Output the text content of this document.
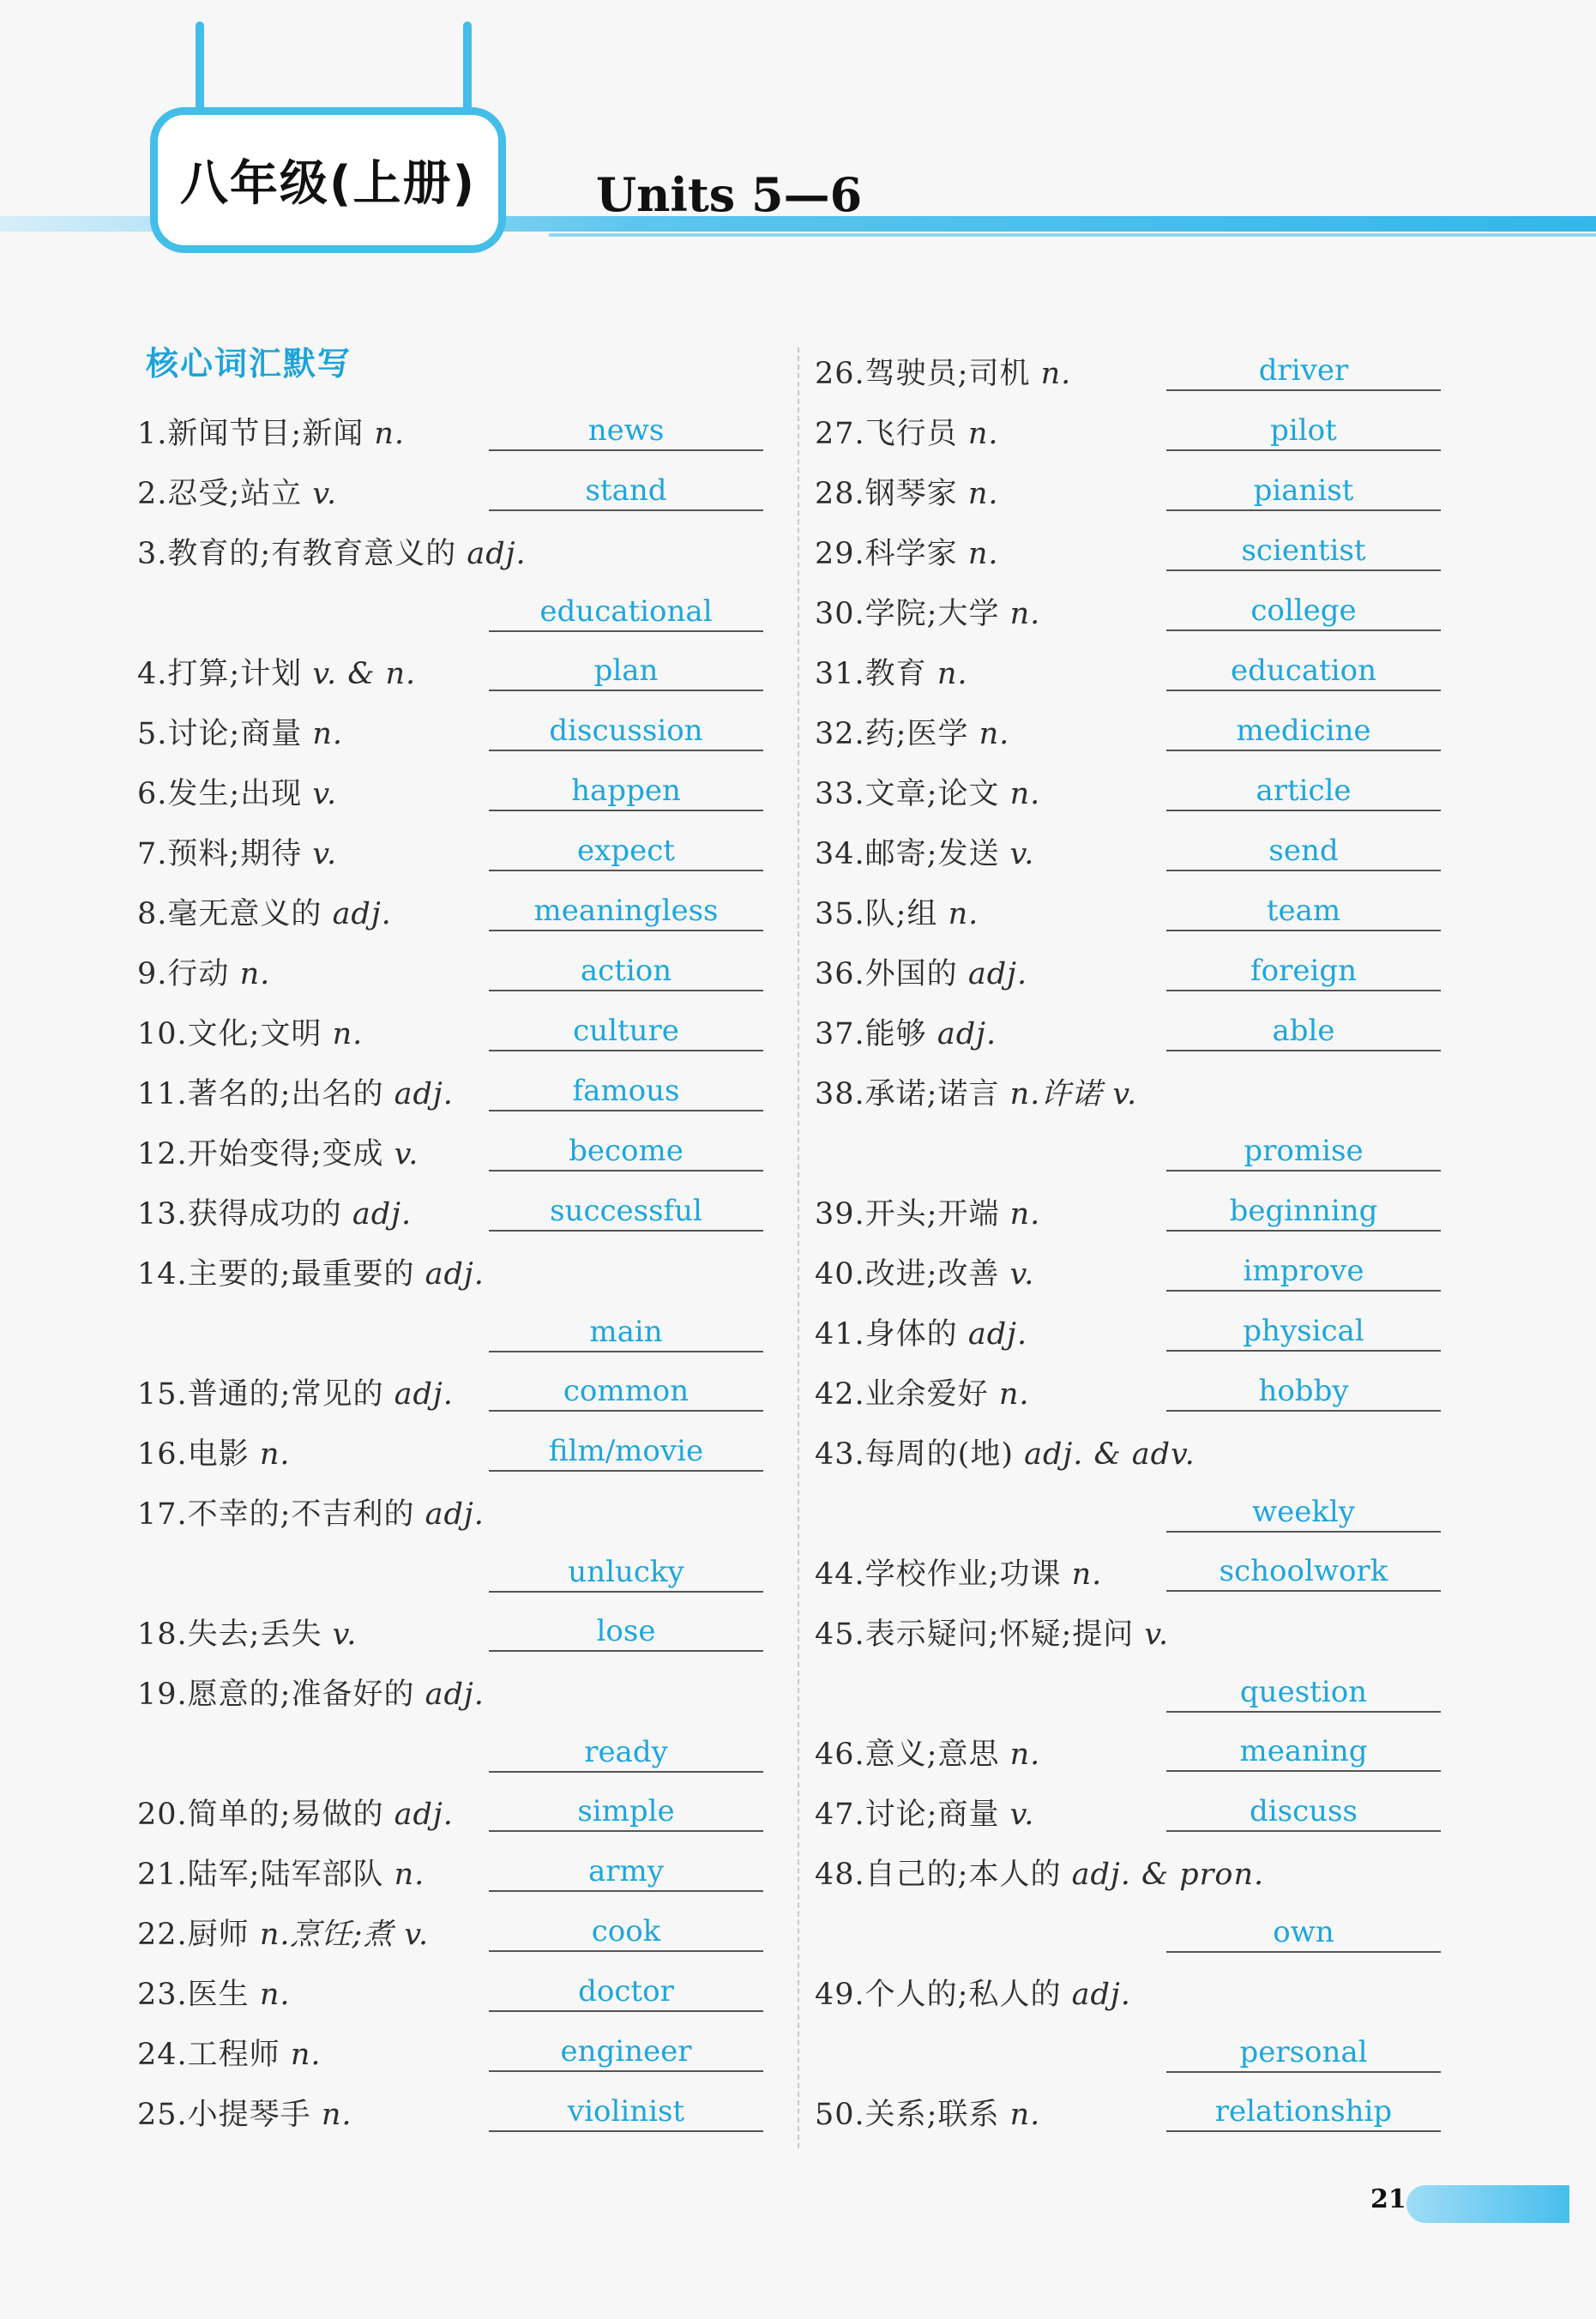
八年级(上册)	Units 5—6
核心词汇默写
1.新闻节目;新闻 n.	news
2.忍受;站立 v.	stand
3.教育的;有教育意义的 adj.
educational
4.打算;计划 v. & n.	plan
5.讨论;商量 n.	discussion
6.发生;出现 v.	happen
7.预料;期待 v.	expect
8.毫无意义的 adj.	meaningless
9.行动 n.	action
10.文化;文明 n.	culture
11.著名的;出名的 adj.	famous
12.开始变得;变成 v.	become
13.获得成功的 adj.	successful
14.主要的;最重要的 adj.
main
15.普通的;常见的 adj.	common
16.电影 n.	film/movie
17.不幸的;不吉利的 adj.
unlucky
18.失去;丢失 v.	lose
19.愿意的;准备好的 adj.
ready
20.简单的;易做的 adj.	simple
21.陆军;陆军部队 n.	army
22.厨师 n.烹饪;煮 v.	cook
23.医生 n.	doctor
24.工程师 n.	engineer
25.小提琴手 n.	violinist
26.驾驶员;司机 n.	driver
27.飞行员 n.	pilot
28.钢琴家 n.	pianist
29.科学家 n.	scientist
30.学院;大学 n.	college
31.教育 n.	education
32.药;医学 n.	medicine
33.文章;论文 n.	article
34.邮寄;发送 v.	send
35.队;组 n.	team
36.外国的 adj.	foreign
37.能够 adj.	able
38.承诺;诺言 n.许诺 v.
promise
39.开头;开端 n.	beginning
40.改进;改善 v.	improve
41.身体的 adj.	physical
42.业余爱好 n.	hobby
43.每周的(地) adj. & adv.
weekly
44.学校作业;功课 n.	schoolwork
45.表示疑问;怀疑;提问 v.
question
46.意义;意思 n.	meaning
47.讨论;商量 v.	discuss
48.自己的;本人的 adj. & pron.
own
49.个人的;私人的 adj.
personal
50.关系;联系 n.	relationship
21
